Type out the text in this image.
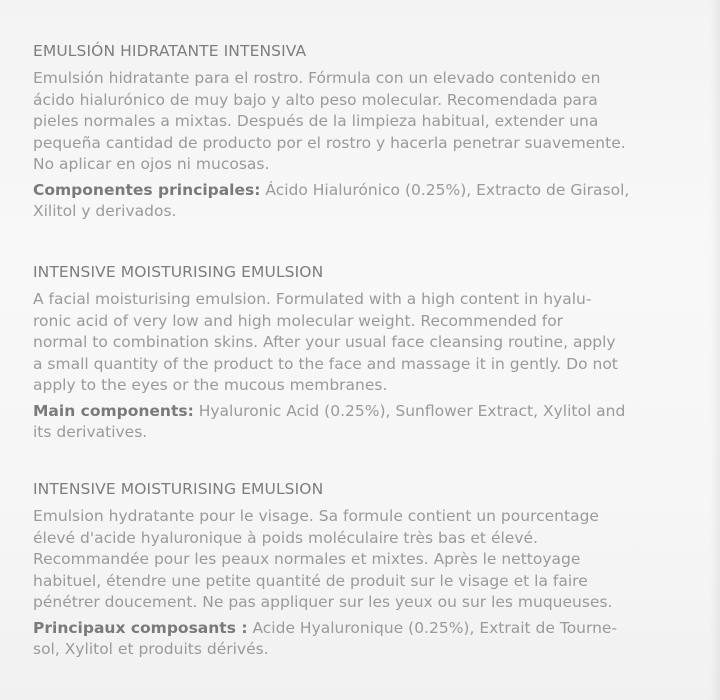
EMULSIÓN HIDRATANTE INTENSIVA
Emulsión hidratante para el rostro. Fórmula con un elevado contenido en
ácido hialurónico de muy bajo y alto peso molecular. Recomendada para
pieles normales a mixtas. Después de la limpieza habitual, extender una
pequeña cantidad de producto por el rostro y hacerla penetrar suavemente.
No aplicar en ojos ni mucosas.
Componentes principales: Ácido Hialurónico (0.25%), Extracto de Girasol,
Xilitol y derivados.
INTENSIVE MOISTURISING EMULSION
A facial moisturising emulsion. Formulated with a high content in hyalu-
ronic acid of very low and high molecular weight. Recommended for
normal to combination skins. After your usual face cleansing routine, apply
a small quantity of the product to the face and massage it in gently. Do not
apply to the eyes or the mucous membranes.
Main components: Hyaluronic Acid (0.25%), Sunflower Extract, Xylitol and
its derivatives.
INTENSIVE MOISTURISING EMULSION
Emulsion hydratante pour le visage. Sa formule contient un pourcentage
élevé d'acide hyaluronique à poids moléculaire très bas et élevé.
Recommandée pour les peaux normales et mixtes. Après le nettoyage
habituel, étendre une petite quantité de produit sur le visage et la faire
pénétrer doucement. Ne pas appliquer sur les yeux ou sur les muqueuses.
Principaux composants : Acide Hyaluronique (0.25%), Extrait de Tourne-
sol, Xylitol et produits dérivés.
